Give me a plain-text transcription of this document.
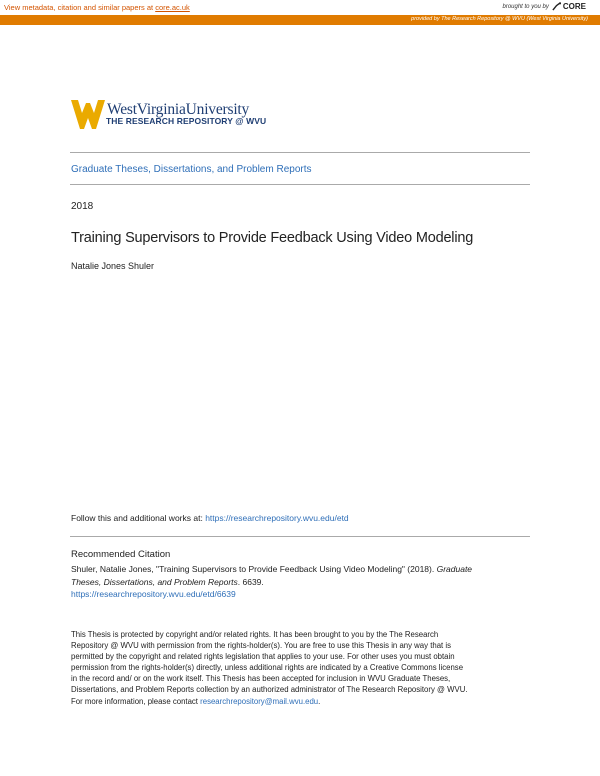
View metadata, citation and similar papers at core.ac.uk	brought to you by CORE
provided by The Research Repository @ WVU (West Virginia University)
WestVirginiaUniversity
THE RESEARCH REPOSITORY @ WVU
Graduate Theses, Dissertations, and Problem Reports
2018
Training Supervisors to Provide Feedback Using Video Modeling
Natalie Jones Shuler
Follow this and additional works at: https://researchrepository.wvu.edu/etd
Recommended Citation
Shuler, Natalie Jones, "Training Supervisors to Provide Feedback Using Video Modeling" (2018). Graduate
Theses, Dissertations, and Problem Reports. 6639.
https://researchrepository.wvu.edu/etd/6639
This Thesis is protected by copyright and/or related rights. It has been brought to you by the The Research
Repository @ WVU with permission from the rights-holder(s). You are free to use this Thesis in any way that is
permitted by the copyright and related rights legislation that applies to your use. For other uses you must obtain
permission from the rights-holder(s) directly, unless additional rights are indicated by a Creative Commons license
in the record and/ or on the work itself. This Thesis has been accepted for inclusion in WVU Graduate Theses,
Dissertations, and Problem Reports collection by an authorized administrator of The Research Repository @ WVU.
For more information, please contact researchrepository@mail.wvu.edu.
